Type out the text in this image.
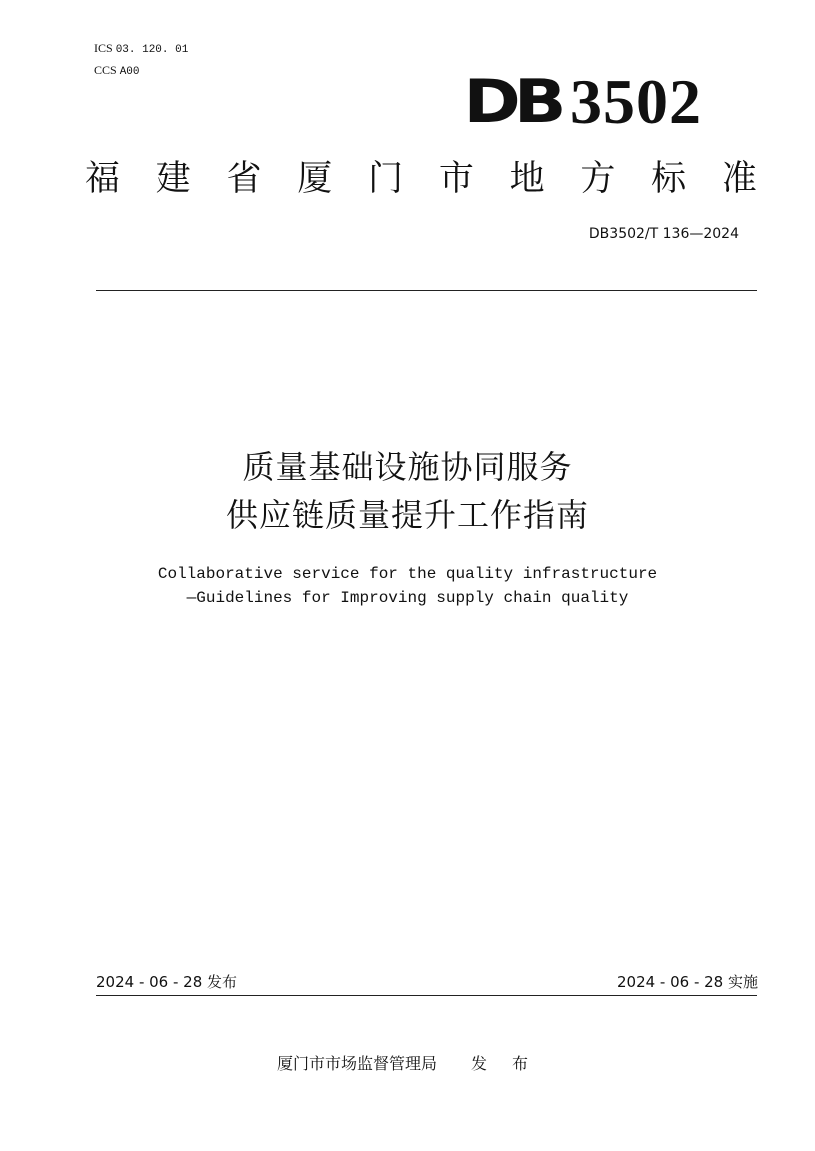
ICS 03. 120. 01
CCS A00	DB 3502
福 建 省 厦 门 市 地 方 标 准
DB3502/T 136—2024
质量基础设施协同服务
供应链质量提升工作指南
Collaborative service for the quality infrastructure
—Guidelines for Improving supply chain quality
2024 - 06 - 28 发布	2024 - 06 - 28 实施
厦门市市场监督管理局 发 布
